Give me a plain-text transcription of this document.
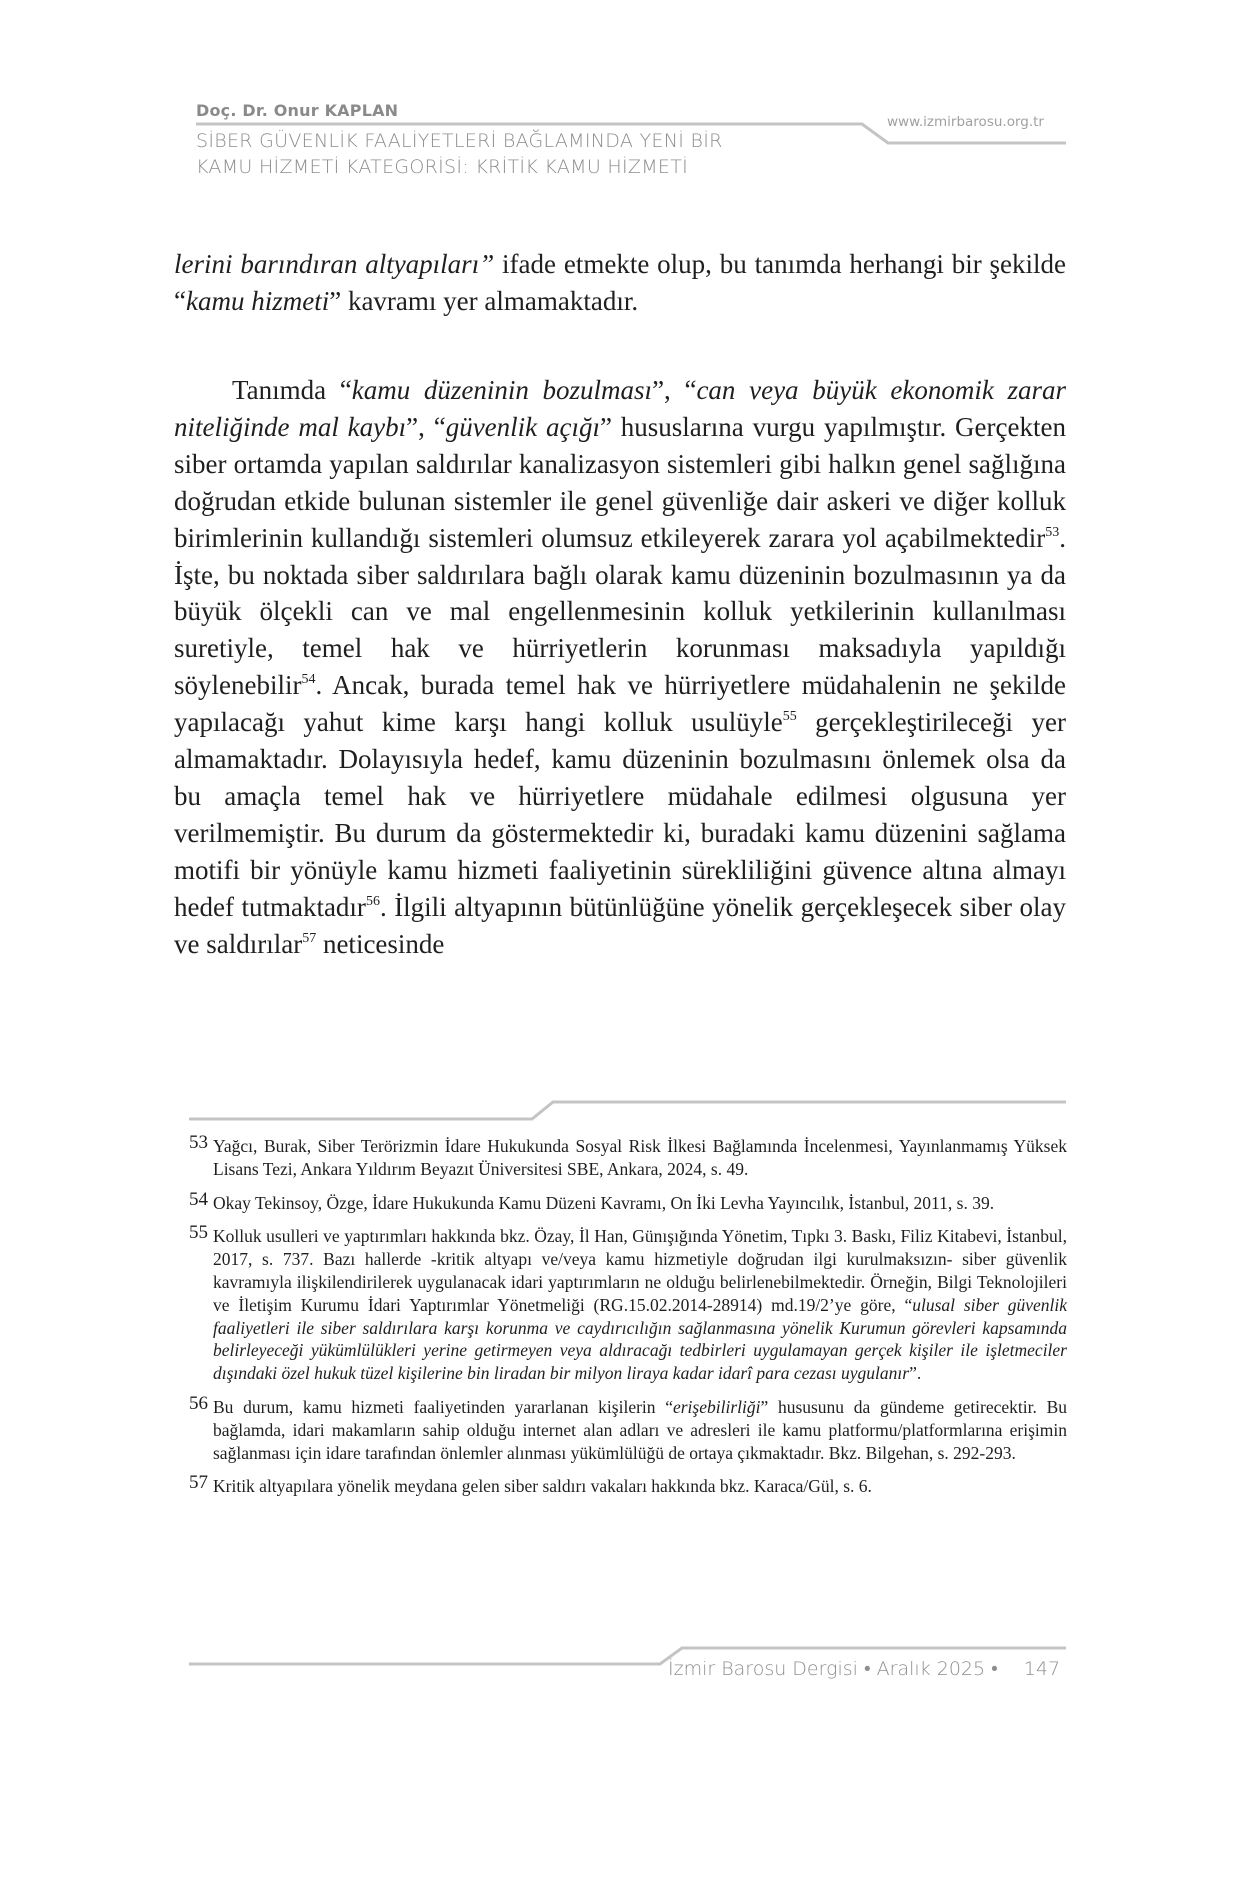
Doç. Dr. Onur KAPLAN
SİBER GÜVENLİK FAALİYETLERİ BAĞLAMINDA YENİ BİR
KAMU HİZMETİ KATEGORİSİ: KRİTİK KAMU HİZMETİ
www.izmirbarosu.org.tr

lerini barındıran altyapıları” ifade etmekte olup, bu tanımda herhangi bir şekilde “kamu hizmeti” kavramı yer almamaktadır.

Tanımda “kamu düzeninin bozulması”, “can veya büyük ekonomik zarar niteliğinde mal kaybı”, “güvenlik açığı” hususlarına vurgu yapılmıştır. Gerçekten siber ortamda yapılan saldırılar kanalizasyon sistemleri gibi halkın genel sağlığına doğrudan etkide bulunan sistemler ile genel güvenliğe dair askeri ve diğer kolluk birimlerinin kullandığı sistemleri olumsuz etkileyerek zarara yol açabilmektedir$^{53}$. İşte, bu noktada siber saldırılara bağlı olarak kamu düzeninin bozulmasının ya da büyük ölçekli can ve mal engellenmesinin kolluk yetkilerinin kullanılması suretiyle, temel hak ve hürriyetlerin korunması maksadıyla yapıldığı söylenebilir$^{54}$. Ancak, burada temel hak ve hürriyetlere müdahalenin ne şekilde yapılacağı yahut kime karşı hangi kolluk usulüyle$^{55}$ gerçekleştirileceği yer almamaktadır. Dolayısıyla hedef, kamu düzeninin bozulmasını önlemek olsa da bu amaçla temel hak ve hürriyetlere müdahale edilmesi olgusuna yer verilmemiştir. Bu durum da göstermektedir ki, buradaki kamu düzenini sağlama motifi bir yönüyle kamu hizmeti faaliyetinin sürekliliğini güvence altına almayı hedef tutmaktadır$^{56}$. İlgili altyapının bütünlüğüne yönelik gerçekleşecek siber olay ve saldırılar$^{57}$ neticesinde

53 Yağcı, Burak, Siber Terörizmin İdare Hukukunda Sosyal Risk İlkesi Bağlamında İncelenmesi, Yayınlanmamış Yüksek Lisans Tezi, Ankara Yıldırım Beyazıt Üniversitesi SBE, Ankara, 2024, s. 49.
54 Okay Tekinsoy, Özge, İdare Hukukunda Kamu Düzeni Kavramı, On İki Levha Yayıncılık, İstanbul, 2011, s. 39.
55 Kolluk usulleri ve yaptırımları hakkında bkz. Özay, İl Han, Günışığında Yönetim, Tıpkı 3. Baskı, Filiz Kitabevi, İstanbul, 2017, s. 737. Bazı hallerde -kritik altyapı ve/veya kamu hizmetiyle doğrudan ilgi kurulmaksızın- siber güvenlik kavramıyla ilişkilendirilerek uygulanacak idari yaptırımların ne olduğu belirlenebilmektedir. Örneğin, Bilgi Teknolojileri ve İletişim Kurumu İdari Yaptırımlar Yönetmeliği (RG.15.02.2014-28914) md.19/2’ye göre, “ulusal siber güvenlik faaliyetleri ile siber saldırılara karşı korunma ve caydırıcılığın sağlanmasına yönelik Kurumun görevleri kapsamında belirleyeceği yükümlülükleri yerine getirmeyen veya aldıracağı tedbirleri uygulamayan gerçek kişiler ile işletmeciler dışındaki özel hukuk tüzel kişilerine bin liradan bir milyon liraya kadar idarî para cezası uygulanır”.
56 Bu durum, kamu hizmeti faaliyetinden yararlanan kişilerin “erişebilirliği” hususunu da gündeme getirecektir. Bu bağlamda, idari makamların sahip olduğu internet alan adları ve adresleri ile kamu platformu/platformlarına erişimin sağlanması için idare tarafından önlemler alınması yükümlülüğü de ortaya çıkmaktadır. Bkz. Bilgehan, s. 292-293.
57 Kritik altyapılara yönelik meydana gelen siber saldırı vakaları hakkında bkz. Karaca/Gül, s. 6.
İzmir Barosu Dergisi • Aralık 2025 • 147
